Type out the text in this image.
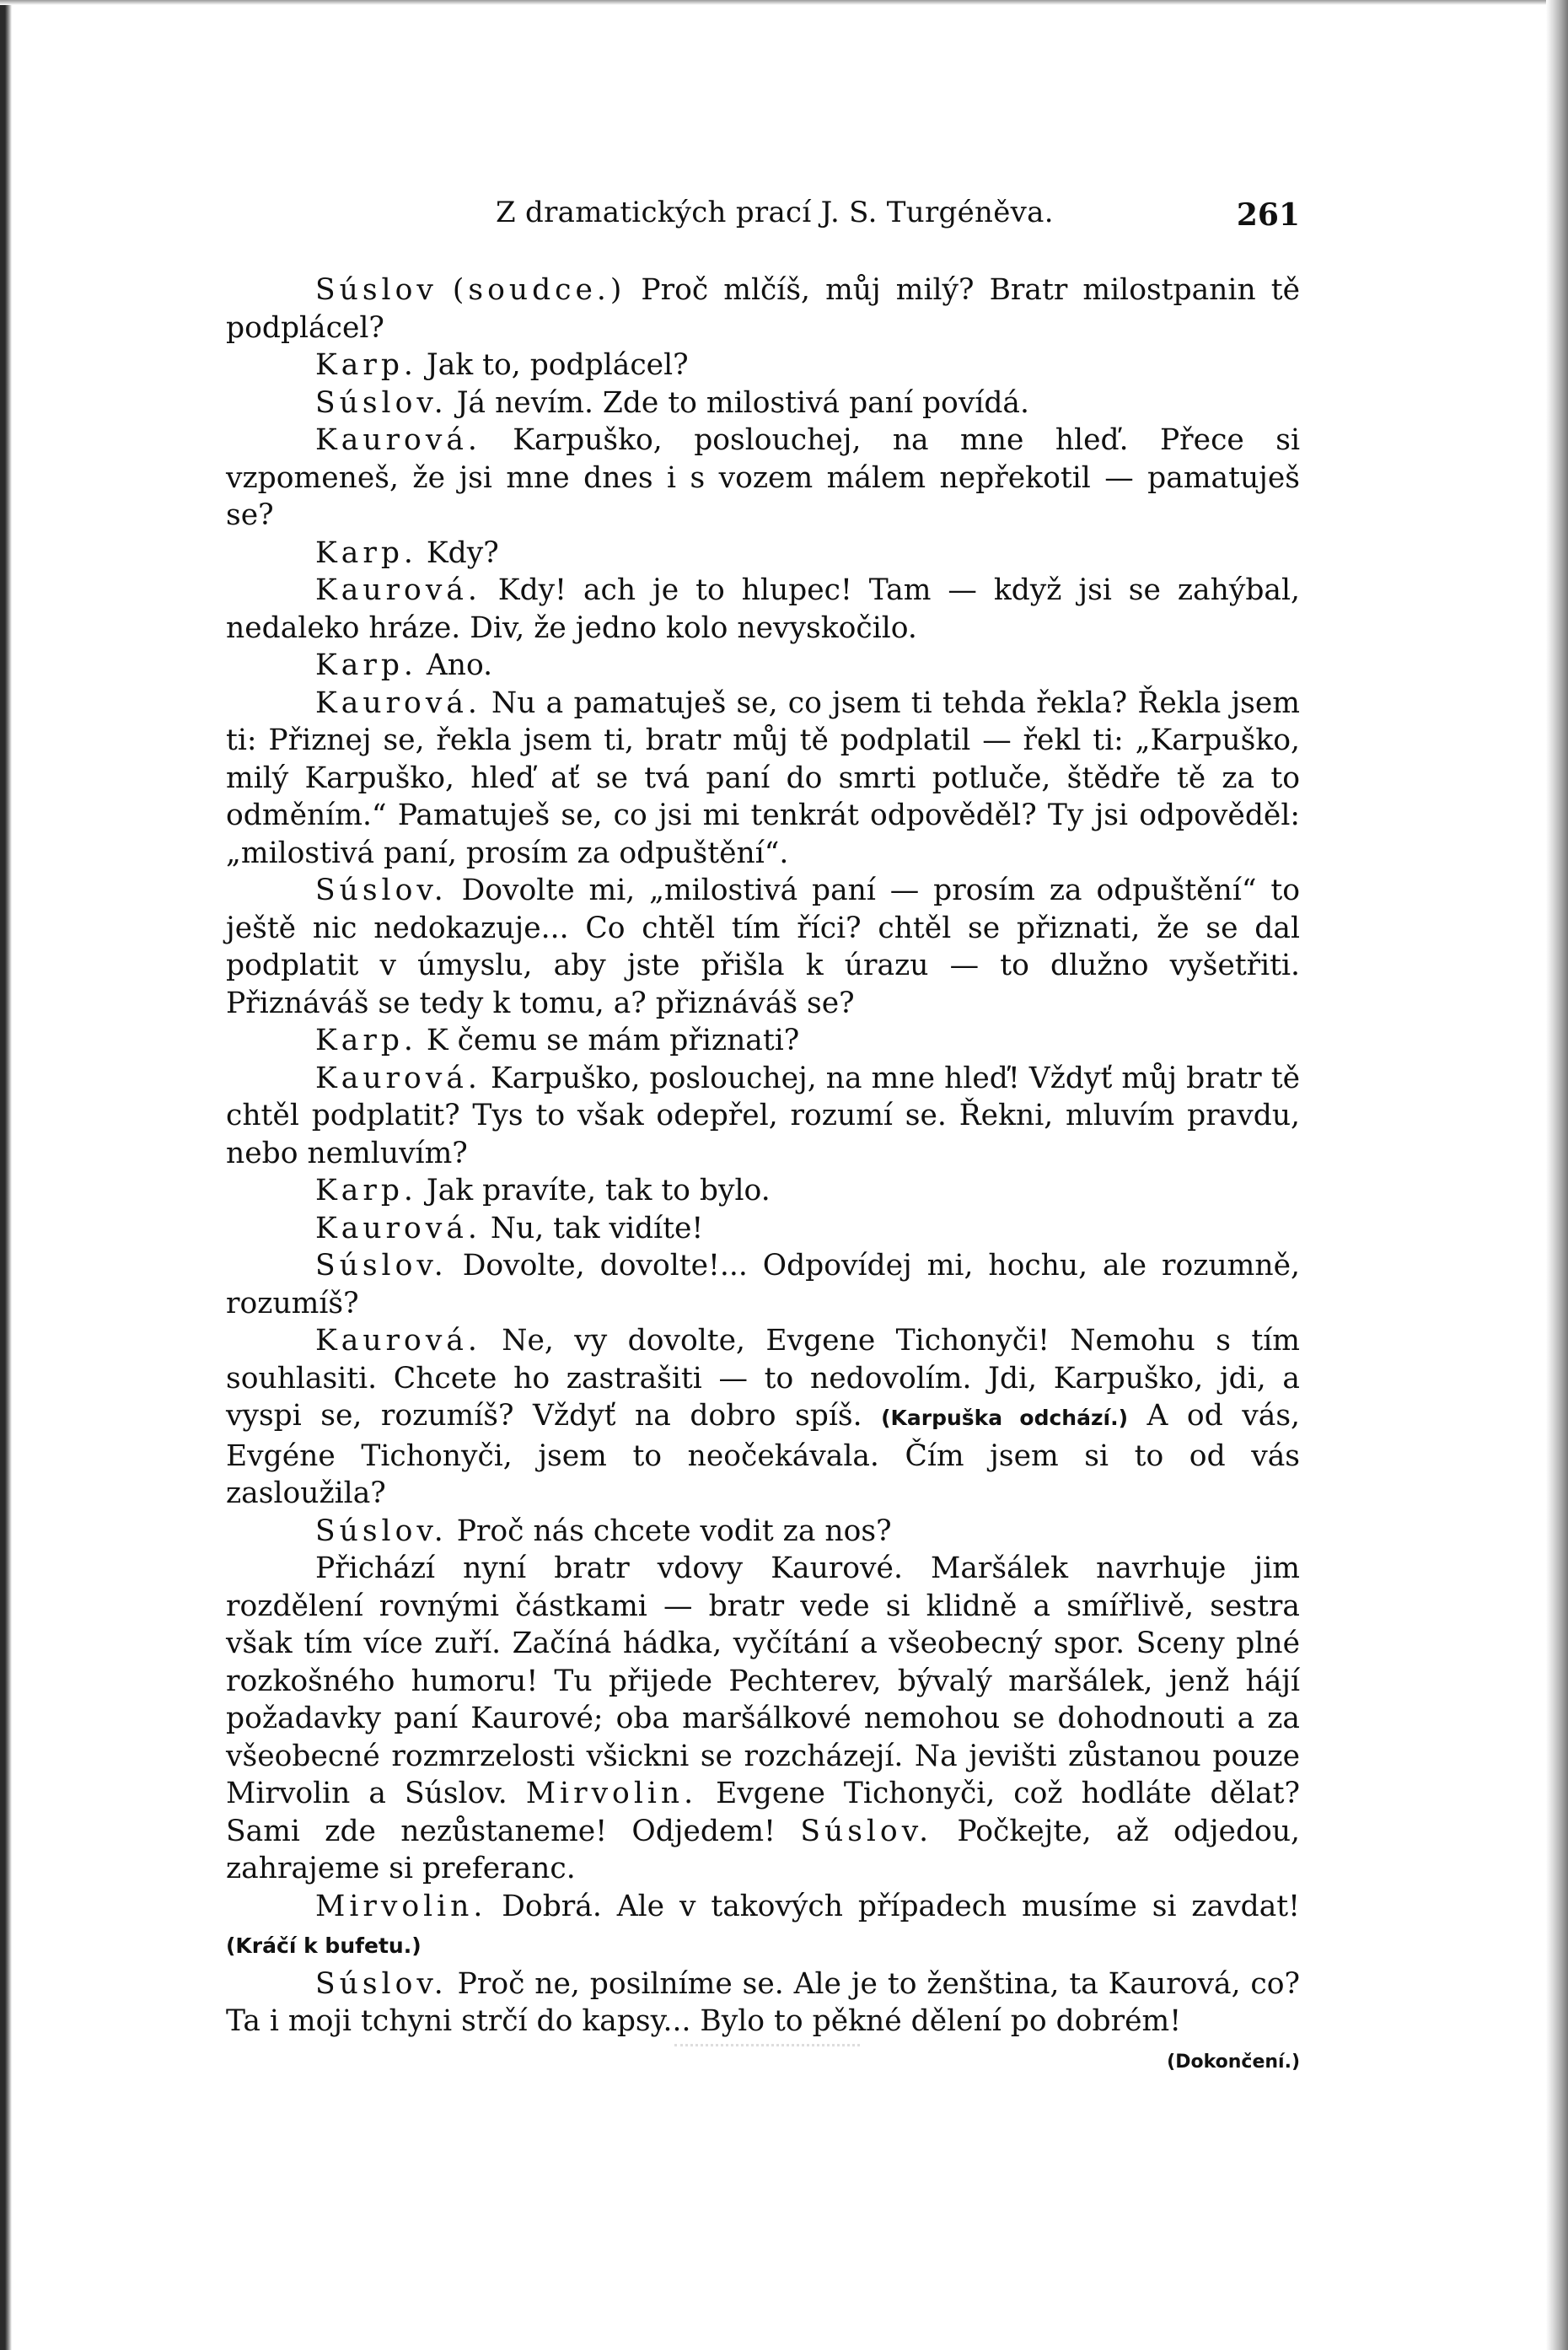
Z dramatických prací J. S. Turgéněva.	261

Súslov (soudce.) Proč mlčíš, můj milý? Bratr milostpanin tě podplácel?

Karp. Jak to, podplácel?

Súslov. Já nevím. Zde to milostivá paní povídá.

Kaurová. Karpuško, poslouchej, na mne hleď. Přece si vzpomeneš, že jsi mne dnes i s vozem málem nepřekotil — pamatuješ se?

Karp. Kdy?

Kaurová. Kdy! ach je to hlupec! Tam — když jsi se zahýbal, nedaleko hráze. Div, že jedno kolo nevyskočilo.

Karp. Ano.

Kaurová. Nu a pamatuješ se, co jsem ti tehda řekla? Řekla jsem ti: Přiznej se, řekla jsem ti, bratr můj tě podplatil — řekl ti: „Karpuško, milý Karpuško, hleď ať se tvá paní do smrti potluče, štědře tě za to odměním.“ Pamatuješ se, co jsi mi tenkrát odpověděl? Ty jsi odpověděl: „milostivá paní, prosím za odpuštění“.

Súslov. Dovolte mi, „milostivá paní — prosím za odpuštění“ to ještě nic nedokazuje... Co chtěl tím říci? chtěl se přiznati, že se dal podplatit v úmyslu, aby jste přišla k úrazu — to dlužno vyšetřiti. Přiznáváš se tedy k tomu, a? přiznáváš se?

Karp. K čemu se mám přiznati?

Kaurová. Karpuško, poslouchej, na mne hleď! Vždyť můj bratr tě chtěl podplatit? Tys to však odepřel, rozumí se. Řekni, mluvím pravdu, nebo nemluvím?

Karp. Jak pravíte, tak to bylo.

Kaurová. Nu, tak vidíte!

Súslov. Dovolte, dovolte!... Odpovídej mi, hochu, ale rozumně, rozumíš?

Kaurová. Ne, vy dovolte, Evgene Tichonyči! Nemohu s tím souhlasiti. Chcete ho zastrašiti — to nedovolím. Jdi, Karpuško, jdi, a vyspi se, rozumíš? Vždyť na dobro spíš. (Karpuška odchází.) A od vás, Evgéne Tichonyči, jsem to neočekávala. Čím jsem si to od vás zasloužila?

Súslov. Proč nás chcete vodit za nos?

Přichází nyní bratr vdovy Kaurové. Maršálek navrhuje jim rozdělení rovnými částkami — bratr vede si klidně a smířlivě, sestra však tím více zuří. Začíná hádka, vyčítání a všeobecný spor. Sceny plné rozkošného humoru! Tu přijede Pechterev, bývalý maršálek, jenž hájí požadavky paní Kaurové; oba maršálkové nemohou se dohodnouti a za všeobecné rozmrzelosti všickni se rozcházejí. Na jevišti zůstanou pouze Mirvolin a Súslov. Mirvolin. Evgene Tichonyči, což hodláte dělat? Sami zde nezůstaneme! Odjedem! Súslov. Počkejte, až odjedou, zahrajeme si preferanc.

Mirvolin. Dobrá. Ale v takových případech musíme si zavdat! (Kráčí k bufetu.)

Súslov. Proč ne, posilníme se. Ale je to ženština, ta Kaurová, co? Ta i moji tchyni strčí do kapsy... Bylo to pěkné dělení po dobrém!
(Dokončení.)
